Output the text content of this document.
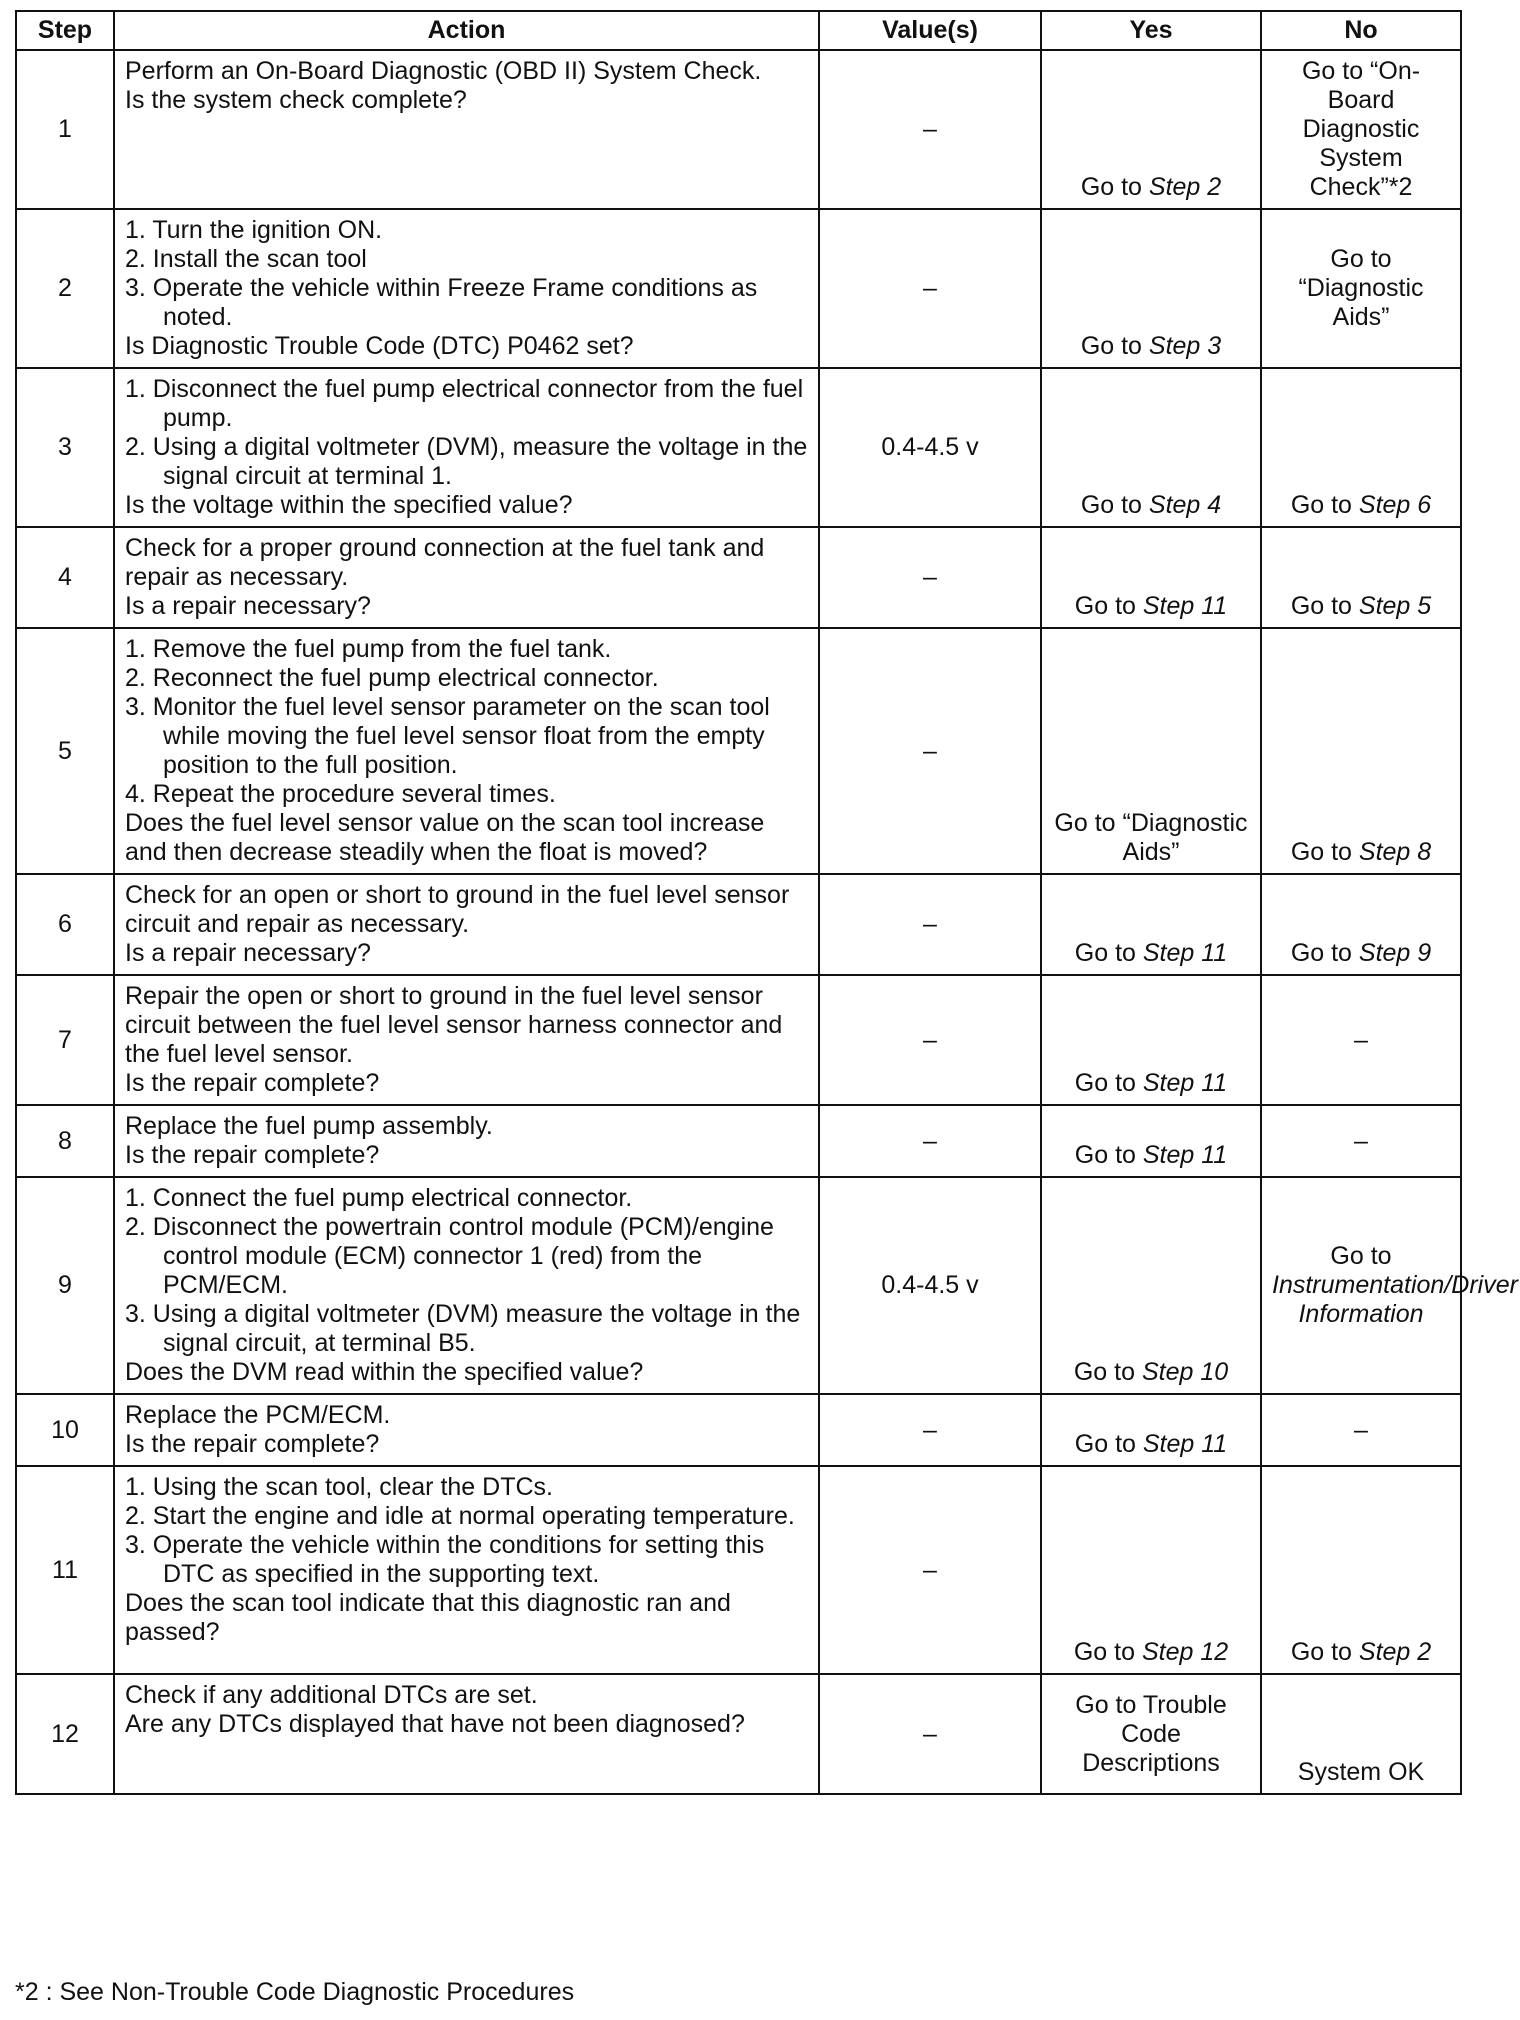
Step	Action	Value(s)	Yes	No
1	Perform an On-Board Diagnostic (OBD II) System Check.
Is the system check complete?	–	Go to Step 2	Go to “On-Board Diagnostic System Check”*2
2	1. Turn the ignition ON.
2. Install the scan tool
3. Operate the vehicle within Freeze Frame conditions as noted.
Is Diagnostic Trouble Code (DTC) P0462 set?	–	Go to Step 3	Go to “Diagnostic Aids”
3	1. Disconnect the fuel pump electrical connector from the fuel pump.
2. Using a digital voltmeter (DVM), measure the voltage in the signal circuit at terminal 1.
Is the voltage within the specified value?	0.4-4.5 v	Go to Step 4	Go to Step 6
4	Check for a proper ground connection at the fuel tank and repair as necessary.
Is a repair necessary?	–	Go to Step 11	Go to Step 5
5	1. Remove the fuel pump from the fuel tank.
2. Reconnect the fuel pump electrical connector.
3. Monitor the fuel level sensor parameter on the scan tool while moving the fuel level sensor float from the empty position to the full position.
4. Repeat the procedure several times.
Does the fuel level sensor value on the scan tool increase and then decrease steadily when the float is moved?	–	Go to “Diagnostic Aids”	Go to Step 8
6	Check for an open or short to ground in the fuel level sensor circuit and repair as necessary.
Is a repair necessary?	–	Go to Step 11	Go to Step 9
7	Repair the open or short to ground in the fuel level sensor circuit between the fuel level sensor harness connector and the fuel level sensor.
Is the repair complete?	–	Go to Step 11	–
8	Replace the fuel pump assembly.
Is the repair complete?	–	Go to Step 11	–
9	1. Connect the fuel pump electrical connector.
2. Disconnect the powertrain control module (PCM)/engine control module (ECM) connector 1 (red) from the PCM/ECM.
3. Using a digital voltmeter (DVM) measure the voltage in the signal circuit, at terminal B5.
Does the DVM read within the specified value?	0.4-4.5 v	Go to Step 10	Go to Instrumentation/Driver Information
10	Replace the PCM/ECM.
Is the repair complete?	–	Go to Step 11	–
11	1. Using the scan tool, clear the DTCs.
2. Start the engine and idle at normal operating temperature.
3. Operate the vehicle within the conditions for setting this DTC as specified in the supporting text.
Does the scan tool indicate that this diagnostic ran and passed?	–	Go to Step 12	Go to Step 2
12	Check if any additional DTCs are set.
Are any DTCs displayed that have not been diagnosed?	–	Go to Trouble Code Descriptions	System OK
*2 : See Non-Trouble Code Diagnostic Procedures
